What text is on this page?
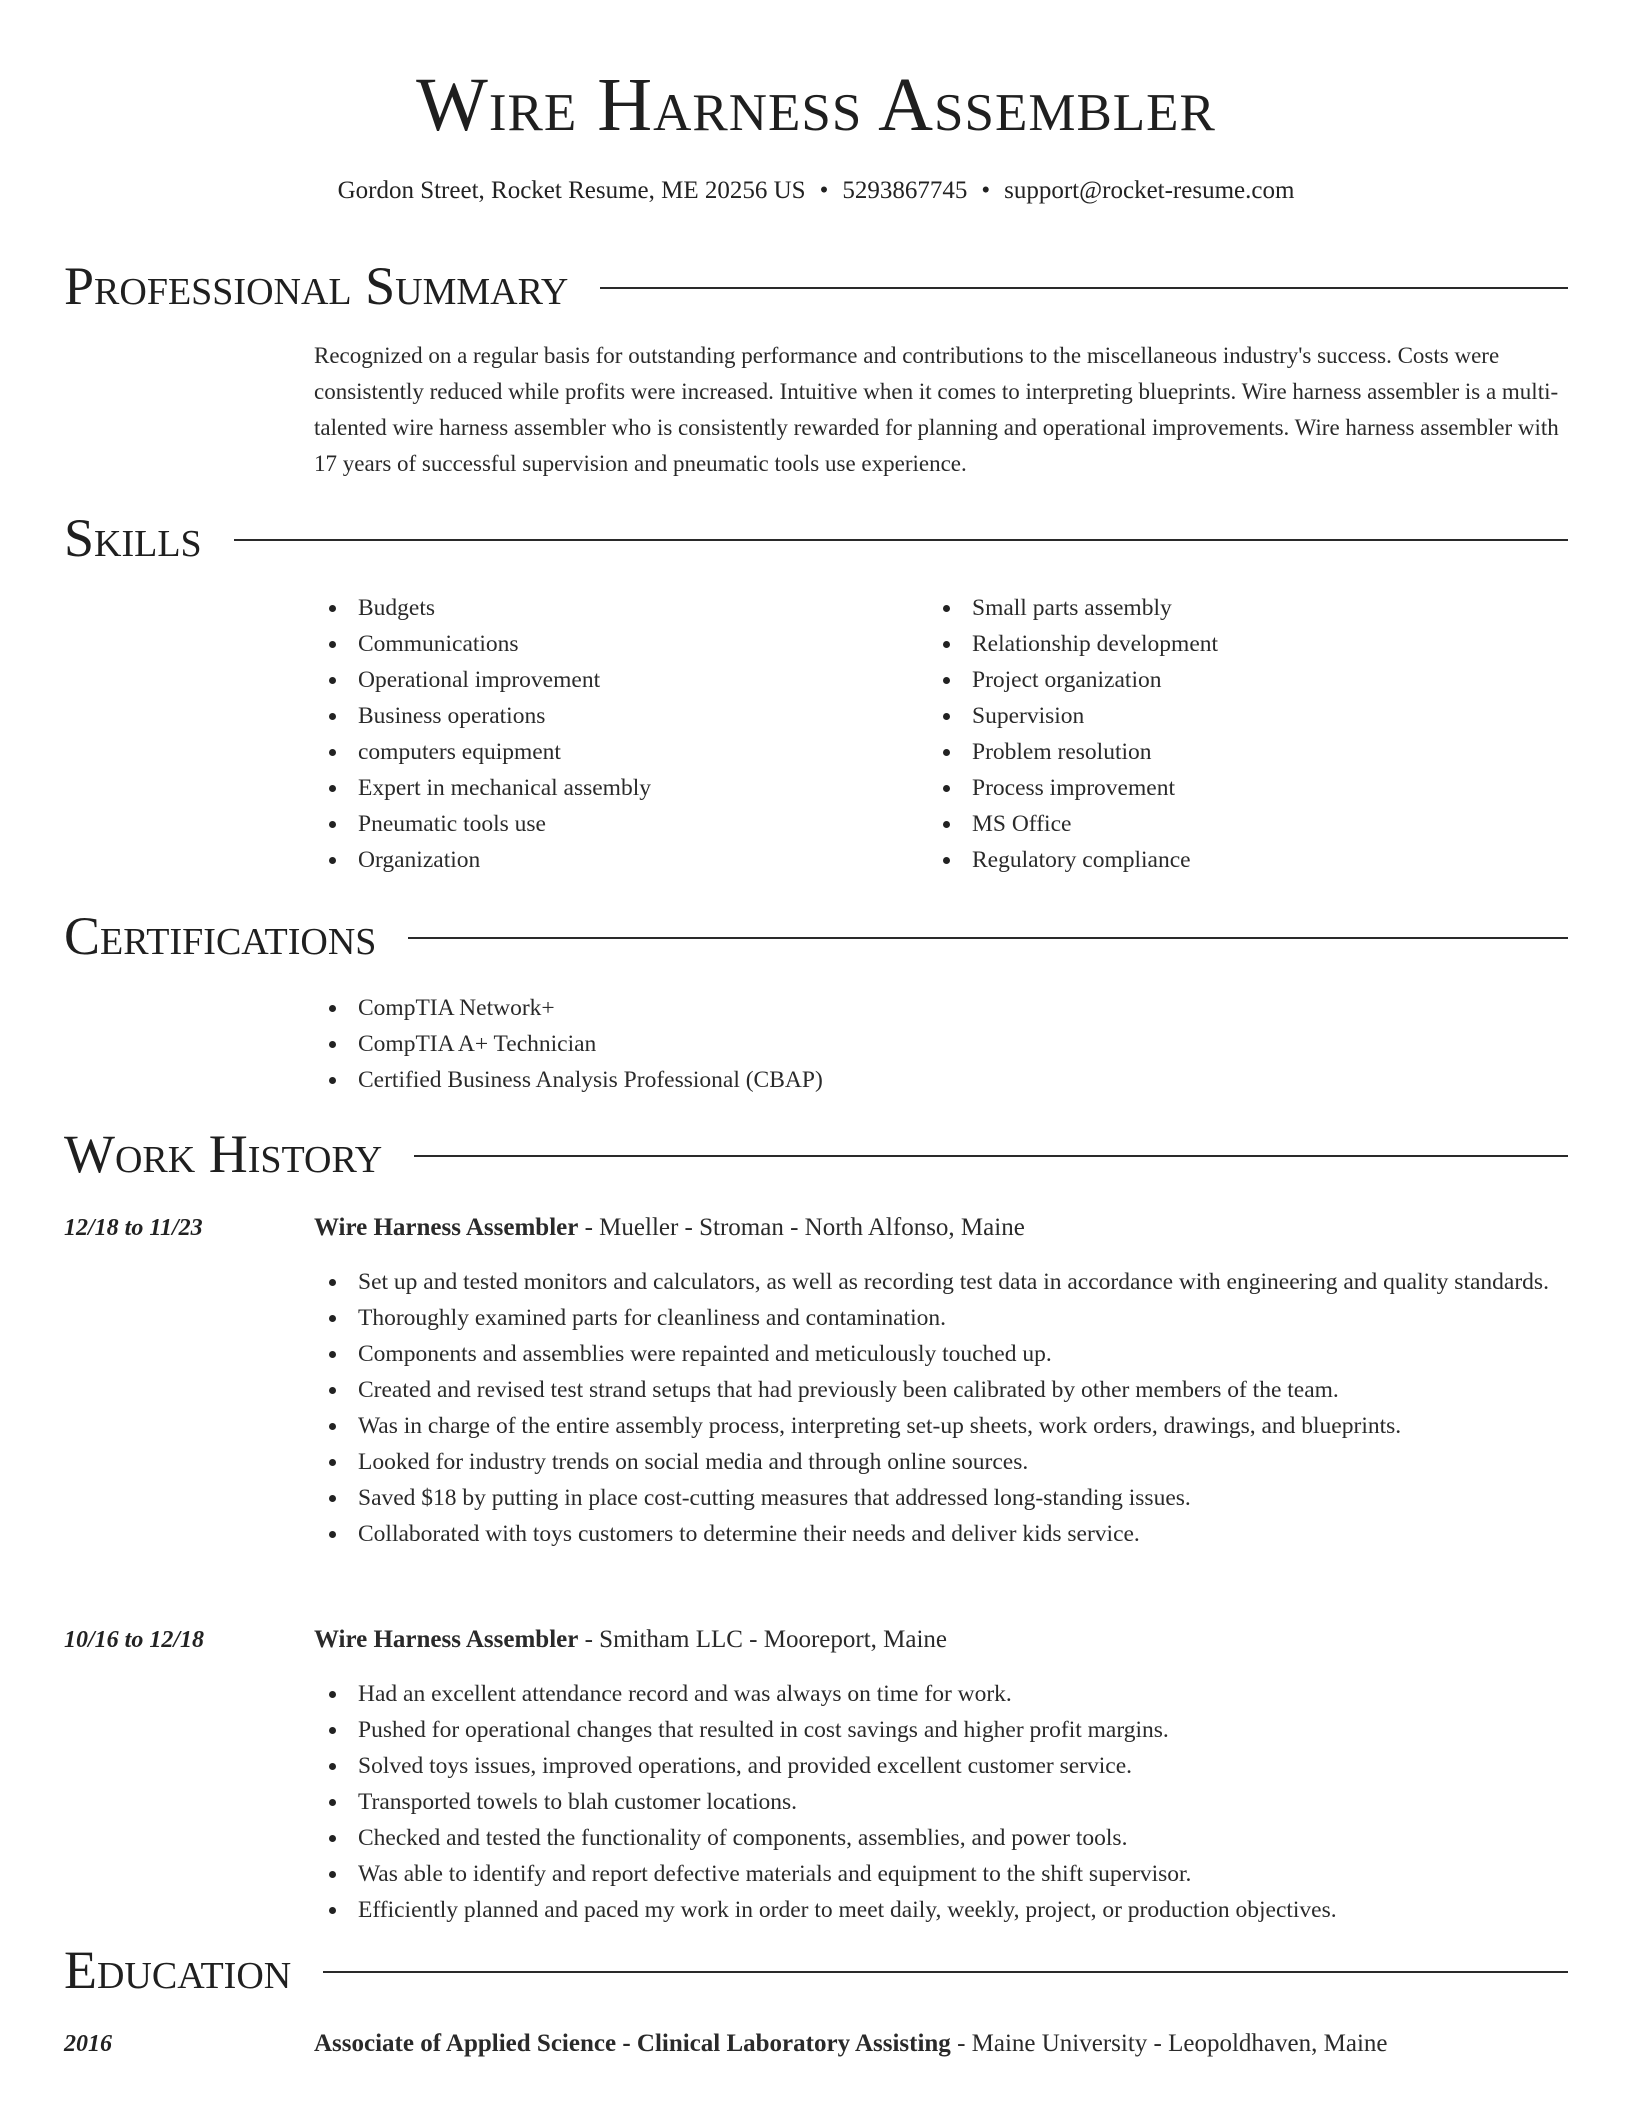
Wire Harness Assembler
Gordon Street, Rocket Resume, ME 20256 US • 5293867745 • support@rocket-resume.com
Professional Summary
Recognized on a regular basis for outstanding performance and contributions to the miscellaneous industry's success. Costs were consistently reduced while profits were increased. Intuitive when it comes to interpreting blueprints. Wire harness assembler is a multi-talented wire harness assembler who is consistently rewarded for planning and operational improvements. Wire harness assembler with 17 years of successful supervision and pneumatic tools use experience.
Skills
Budgets
Communications
Operational improvement
Business operations
computers equipment
Expert in mechanical assembly
Pneumatic tools use
Organization
Small parts assembly
Relationship development
Project organization
Supervision
Problem resolution
Process improvement
MS Office
Regulatory compliance
Certifications
CompTIA Network+
CompTIA A+ Technician
Certified Business Analysis Professional (CBAP)
Work History
12/18 to 11/23	Wire Harness Assembler - Mueller - Stroman - North Alfonso, Maine
Set up and tested monitors and calculators, as well as recording test data in accordance with engineering and quality standards.
Thoroughly examined parts for cleanliness and contamination.
Components and assemblies were repainted and meticulously touched up.
Created and revised test strand setups that had previously been calibrated by other members of the team.
Was in charge of the entire assembly process, interpreting set-up sheets, work orders, drawings, and blueprints.
Looked for industry trends on social media and through online sources.
Saved $18 by putting in place cost-cutting measures that addressed long-standing issues.
Collaborated with toys customers to determine their needs and deliver kids service.
10/16 to 12/18	Wire Harness Assembler - Smitham LLC - Mooreport, Maine
Had an excellent attendance record and was always on time for work.
Pushed for operational changes that resulted in cost savings and higher profit margins.
Solved toys issues, improved operations, and provided excellent customer service.
Transported towels to blah customer locations.
Checked and tested the functionality of components, assemblies, and power tools.
Was able to identify and report defective materials and equipment to the shift supervisor.
Efficiently planned and paced my work in order to meet daily, weekly, project, or production objectives.
Education
2016	Associate of Applied Science - Clinical Laboratory Assisting - Maine University - Leopoldhaven, Maine
